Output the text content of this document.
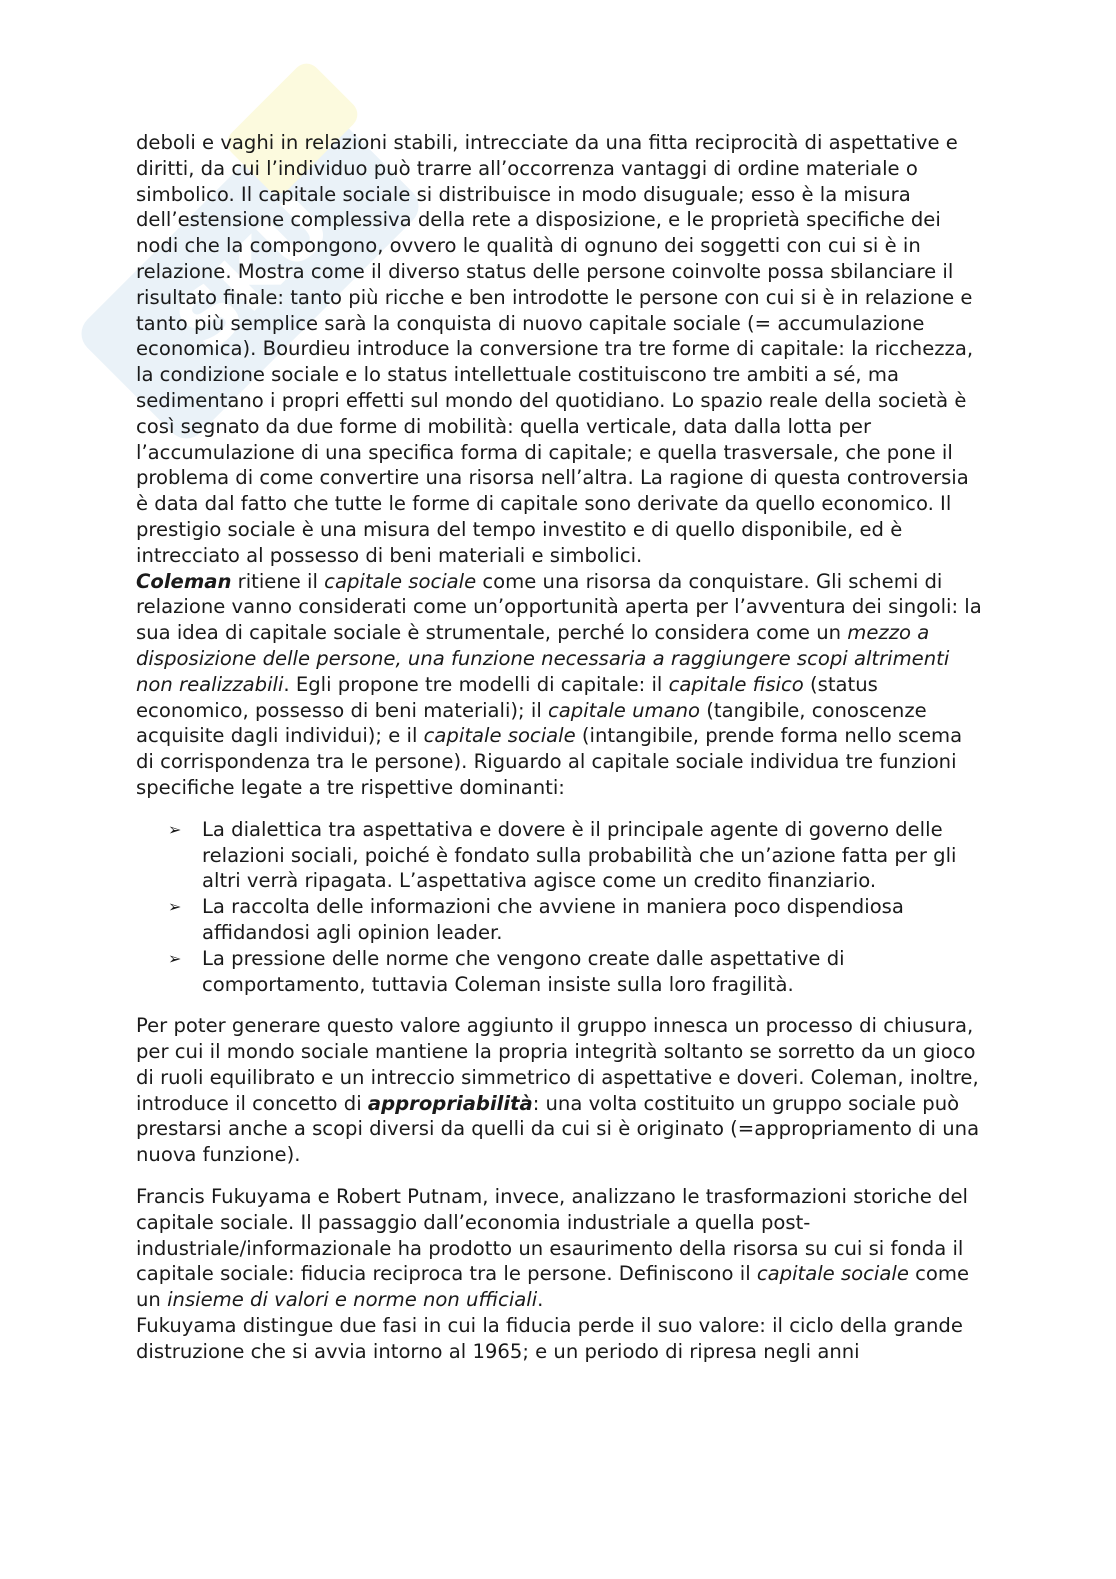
SKU

deboli e vaghi in relazioni stabili, intrecciate da una fitta reciprocità di aspettative e diritti, da cui l’individuo può trarre all’occorrenza vantaggi di ordine materiale o simbolico. Il capitale sociale si distribuisce in modo disuguale; esso è la misura dell’estensione complessiva della rete a disposizione, e le proprietà specifiche dei nodi che la compongono, ovvero le qualità di ognuno dei soggetti con cui si è in relazione. Mostra come il diverso status delle persone coinvolte possa sbilanciare il risultato finale: tanto più ricche e ben introdotte le persone con cui si è in relazione e tanto più semplice sarà la conquista di nuovo capitale sociale (= accumulazione economica). Bourdieu introduce la conversione tra tre forme di capitale: la ricchezza, la condizione sociale e lo status intellettuale costituiscono tre ambiti a sé, ma sedimentano i propri effetti sul mondo del quotidiano. Lo spazio reale della società è così segnato da due forme di mobilità: quella verticale, data dalla lotta per l’accumulazione di una specifica forma di capitale; e quella trasversale, che pone il problema di come convertire una risorsa nell’altra. La ragione di questa controversia è data dal fatto che tutte le forme di capitale sono derivate da quello economico. Il prestigio sociale è una misura del tempo investito e di quello disponibile, ed è intrecciato al possesso di beni materiali e simbolici.

Coleman ritiene il capitale sociale come una risorsa da conquistare. Gli schemi di relazione vanno considerati come un’opportunità aperta per l’avventura dei singoli: la sua idea di capitale sociale è strumentale, perché lo considera come un mezzo a disposizione delle persone, una funzione necessaria a raggiungere scopi altrimenti non realizzabili. Egli propone tre modelli di capitale: il capitale fisico (status economico, possesso di beni materiali); il capitale umano (tangibile, conoscenze acquisite dagli individui); e il capitale sociale (intangibile, prende forma nello scema di corrispondenza tra le persone). Riguardo al capitale sociale individua tre funzioni specifiche legate a tre rispettive dominanti:

➢ La dialettica tra aspettativa e dovere è il principale agente di governo delle relazioni sociali, poiché è fondato sulla probabilità che un’azione fatta per gli altri verrà ripagata. L’aspettativa agisce come un credito finanziario.
➢ La raccolta delle informazioni che avviene in maniera poco dispendiosa affidandosi agli opinion leader.
➢ La pressione delle norme che vengono create dalle aspettative di comportamento, tuttavia Coleman insiste sulla loro fragilità.

Per poter generare questo valore aggiunto il gruppo innesca un processo di chiusura, per cui il mondo sociale mantiene la propria integrità soltanto se sorretto da un gioco di ruoli equilibrato e un intreccio simmetrico di aspettative e doveri. Coleman, inoltre, introduce il concetto di appropriabilità: una volta costituito un gruppo sociale può prestarsi anche a scopi diversi da quelli da cui si è originato (=appropriamento di una nuova funzione).

Francis Fukuyama e Robert Putnam, invece, analizzano le trasformazioni storiche del capitale sociale. Il passaggio dall’economia industriale a quella post-industriale/informazionale ha prodotto un esaurimento della risorsa su cui si fonda il capitale sociale: fiducia reciproca tra le persone. Definiscono il capitale sociale come un insieme di valori e norme non ufficiali.

Fukuyama distingue due fasi in cui la fiducia perde il suo valore: il ciclo della grande distruzione che si avvia intorno al 1965; e un periodo di ripresa negli anni
